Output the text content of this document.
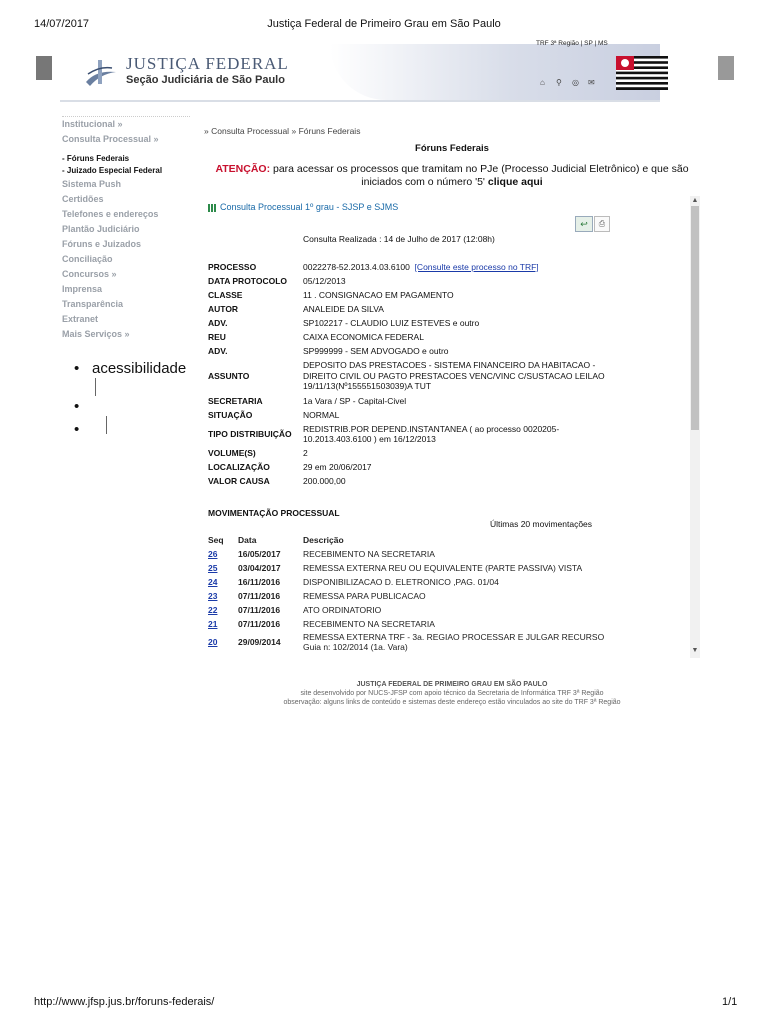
14/07/2017	Justiça Federal de Primeiro Grau em São Paulo
JUSTIÇA FEDERAL
Seção Judiciária de São Paulo
TRF 3ª Região | SP | MS
⌂	⚲ ◎ ✉
Institucional »
Consulta Processual »
- Fóruns Federais
- Juizado Especial Federal
Sistema Push
Certidões
Telefones e endereços
Plantão Judiciário
Fóruns e Juizados
Conciliação
Concursos »
Imprensa
Transparência
Extranet
Mais Serviços »
• acessibilidade
•
•
» Consulta Processual » Fóruns Federais
Fóruns Federais
ATENÇÃO: para acessar os processos que tramitam no PJe (Processo Judicial Eletrônico) e que são iniciados com o número '5' clique aqui
▲
▼
Consulta Processual 1º grau - SJSP e SJMS
↩	⎙
Consulta Realizada : 14 de Julho de 2017 (12:08h)
PROCESSO	0022278-52.2013.4.03.6100 [Consulte este processo no TRF]
DATA PROTOCOLO	05/12/2013
CLASSE	11 . CONSIGNACAO EM PAGAMENTO
AUTOR	ANALEIDE DA SILVA
ADV.	SP102217 - CLAUDIO LUIZ ESTEVES e outro
REU	CAIXA ECONOMICA FEDERAL
ADV.	SP999999 - SEM ADVOGADO e outro
ASSUNTO	DEPOSITO DAS PRESTACOES - SISTEMA FINANCEIRO DA HABITACAO - DIREITO CIVIL OU PAGTO PRESTACOES VENC/VINC C/SUSTACAO LEILAO 19/11/13(Nº155551503039)A TUT
SECRETARIA	1a Vara / SP - Capital-Civel
SITUAÇÃO	NORMAL
TIPO DISTRIBUIÇÃO	REDISTRIB.POR DEPEND.INSTANTANEA ( ao processo 0020205-10.2013.403.6100 ) em 16/12/2013
VOLUME(S)	2
LOCALIZAÇÃO	29 em 20/06/2017
VALOR CAUSA	200.000,00
MOVIMENTAÇÃO PROCESSUAL
Últimas 20 movimentações
Seq	Data	Descrição
26	16/05/2017	RECEBIMENTO NA SECRETARIA
25	03/04/2017	REMESSA EXTERNA REU OU EQUIVALENTE (PARTE PASSIVA) VISTA
24	16/11/2016	DISPONIBILIZACAO D. ELETRONICO ,PAG. 01/04
23	07/11/2016	REMESSA PARA PUBLICACAO
22	07/11/2016	ATO ORDINATORIO
21	07/11/2016	RECEBIMENTO NA SECRETARIA
20	29/09/2014	REMESSA EXTERNA TRF - 3a. REGIAO PROCESSAR E JULGAR RECURSO Guia n: 102/2014 (1a. Vara)
JUSTIÇA FEDERAL DE PRIMEIRO GRAU EM SÃO PAULO
site desenvolvido por NUCS-JFSP com apoio técnico da Secretaria de Informática TRF 3ª Região
observação: alguns links de conteúdo e sistemas deste endereço estão vinculados ao site do TRF 3ª Região
http://www.jfsp.jus.br/foruns-federais/	1/1
